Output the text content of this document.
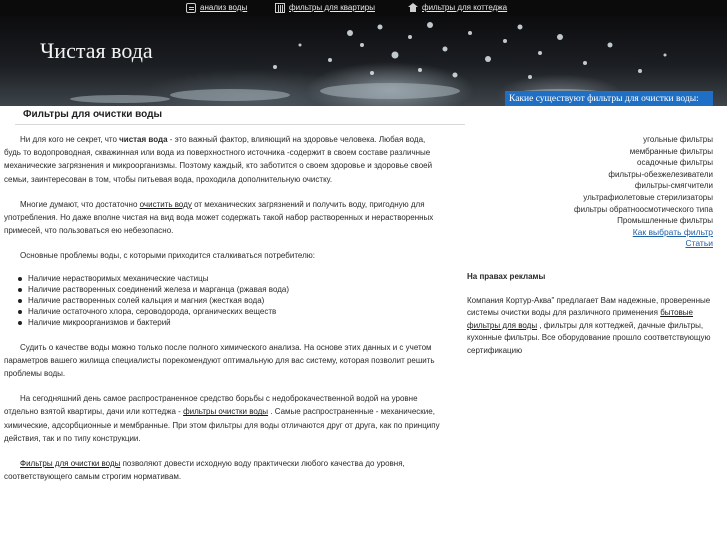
анализ воды	фильтры для квартиры	фильтры для коттеджа
Чистая вода
Какие существуют фильтры для очистки воды:
Фильтры для очистки воды

Ни для кого не секрет, что чистая вода - это важный фактор, влияющий на здоровье человека. Любая вода, будь то водопроводная, скважинная или вода из поверхностного источника -содержит в своем составе различные механические загрязнения и микроорганизмы. Поэтому каждый, кто заботится о своем здоровье и здоровье своей семьи, заинтересован в том, чтобы питьевая вода, проходила дополнительную очистку.

Многие думают, что достаточно очистить воду от механических загрязнений и получить воду, пригодную для употребления. Но даже вполне чистая на вид вода может содержать такой набор растворенных и нерастворенных примесей, что пользоваться ею небезопасно.

Основные проблемы воды, с которыми приходится сталкиваться потребителю:

Наличие нерастворимых механические частицы
Наличие растворенных соединений железа и марганца (ржавая вода)
Наличие растворенных солей кальция и магния (жесткая вода)
Наличие остаточного хлора, сероводорода, органических веществ
Наличие микроорганизмов и бактерий

Судить о качестве воды можно только после полного химического анализа. На основе этих данных и с учетом параметров вашего жилища специалисты порекомендуют оптимальную для вас систему, которая позволит решить проблемы воды.

На сегодняшний день самое распространенное средство борьбы с недоброкачественной водой на уровне отдельно взятой квартиры, дачи или коттеджа - фильтры очистки воды . Самые распространенные - механические, химические, адсорбционные и мембранные. При этом фильтры для воды отличаются друг от друга, как по принципу действия, так и по типу конструкции.

Фильтры для очистки воды позволяют довести исходную воду практически любого качества до уровня, соответствующего самым строгим нормативам.

угольные фильтры
мембранные фильтры
осадочные фильтры
фильтры-обезжелезиватели
фильтры-смягчители
ультрафиолетовые стерилизаторы
фильтры обратноосмотического типа
Промышленные фильтры
Как выбрать фильтр
Статьи
На правах рекламы

Компания Кортур-Аква" предлагает Вам надежные, проверенные системы очистки воды для различного применения бытовые фильтры для воды , фильтры для коттеджей, дачные фильтры, кухонные фильтры. Все оборудование прошло соответствующую сертификацию
